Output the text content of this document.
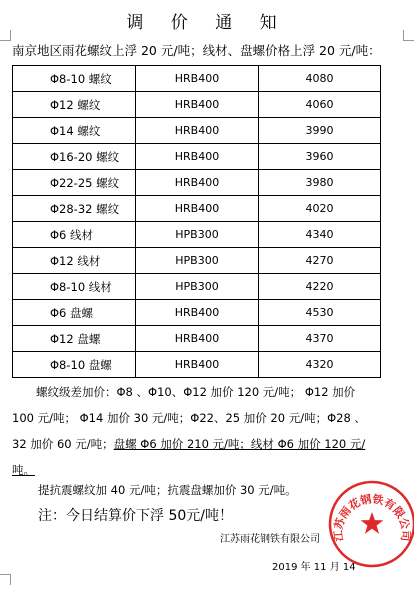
调 价 通 知
南京地区雨花螺纹上浮 20 元/吨；线材、盘螺价格上浮 20 元/吨：
Φ8-10 螺纹	HRB400	4080
Φ12 螺纹	HRB400	4060
Φ14 螺纹	HRB400	3990
Φ16-20 螺纹	HRB400	3960
Φ22-25 螺纹	HRB400	3980
Φ28-32 螺纹	HRB400	4020
Φ6 线材	HPB300	4340
Φ12 线材	HPB300	4270
Φ8-10 线材	HPB300	4220
Φ6 盘螺	HRB400	4530
Φ12 盘螺	HRB400	4370
Φ8-10 盘螺	HRB400	4320
螺纹级差加价：Φ8 、Φ10、Φ12 加价 120 元/吨； Φ12 加价 100 元/吨； Φ14 加价 30 元/吨；Φ22、25 加价 20 元/吨；Φ28 、32 加价 60 元/吨；盘螺 Φ6 加价 210 元/吨；线材 Φ6 加价 120 元/吨。
提抗震螺纹加 40 元/吨；抗震盘螺加价 30 元/吨。
注：今日结算价下浮 50元/吨！
江苏雨花钢铁有限公司
2019 年 11 月 14
江苏雨花钢铁有限公司
